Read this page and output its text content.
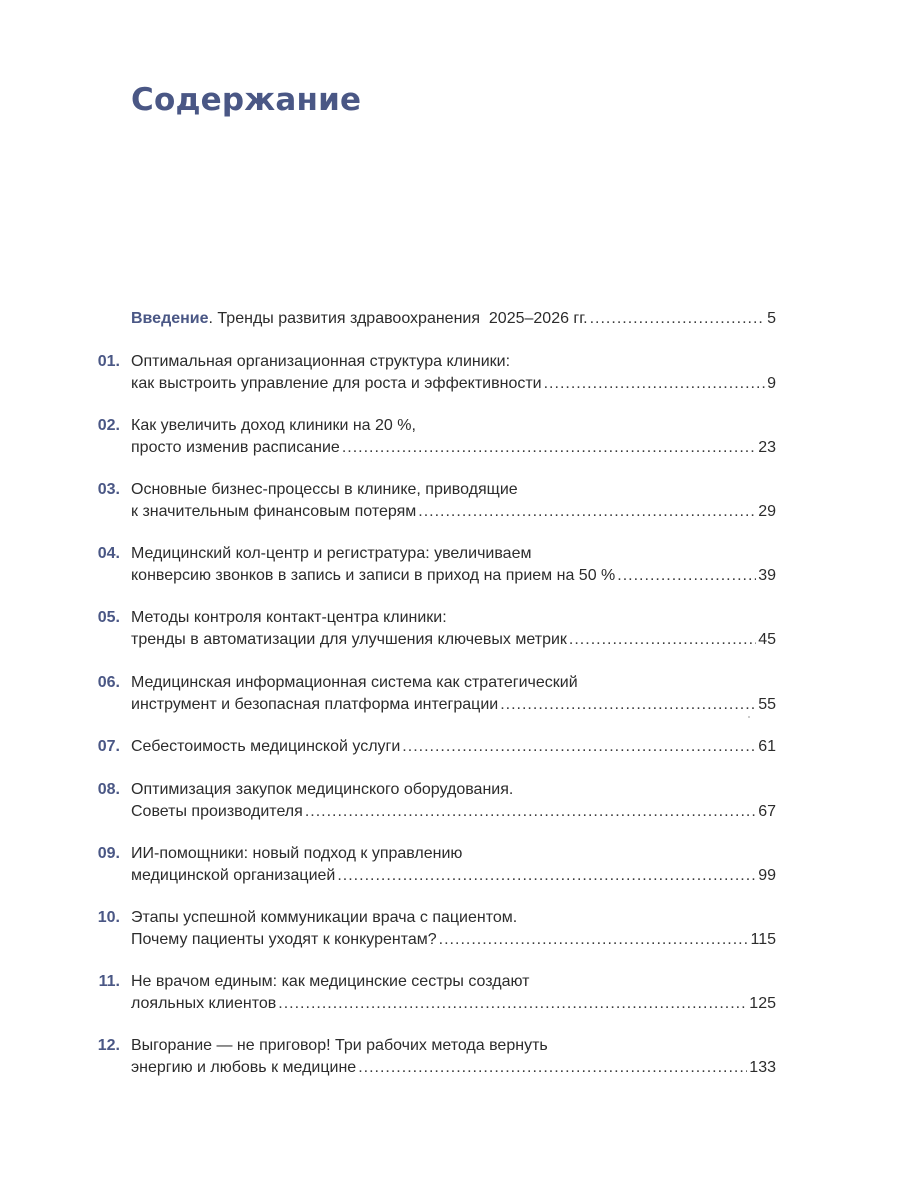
Содержание
Введение. Тренды развития здравоохранения  2025–2026 гг. .....	5
01. Оптимальная организационная структура клиники:
как выстроить управление для роста и эффективности .....	9
02. Как увеличить доход клиники на 20 %,
просто изменив расписание .....	23
03. Основные бизнес-процессы в клинике, приводящие
к значительным финансовым потерям .....	29
04. Медицинский кол-центр и регистратура: увеличиваем
конверсию звонков в запись и записи в приход на прием на 50 % .....	39
05. Методы контроля контакт-центра клиники:
тренды в автоматизации для улучшения ключевых метрик .....	45
06. Медицинская информационная система как стратегический
инструмент и безопасная платформа интеграции .....	55
07. Себестоимость медицинской услуги .....	61
08. Оптимизация закупок медицинского оборудования.
Советы производителя .....	67
09. ИИ-помощники: новый подход к управлению
медицинской организацией .....	99
10. Этапы успешной коммуникации врача с пациентом.
Почему пациенты уходят к конкурентам? .....	115
11. Не врачом единым: как медицинские сестры создают
лояльных клиентов .....	125
12. Выгорание — не приговор! Три рабочих метода вернуть
энергию и любовь к медицине .....	133
